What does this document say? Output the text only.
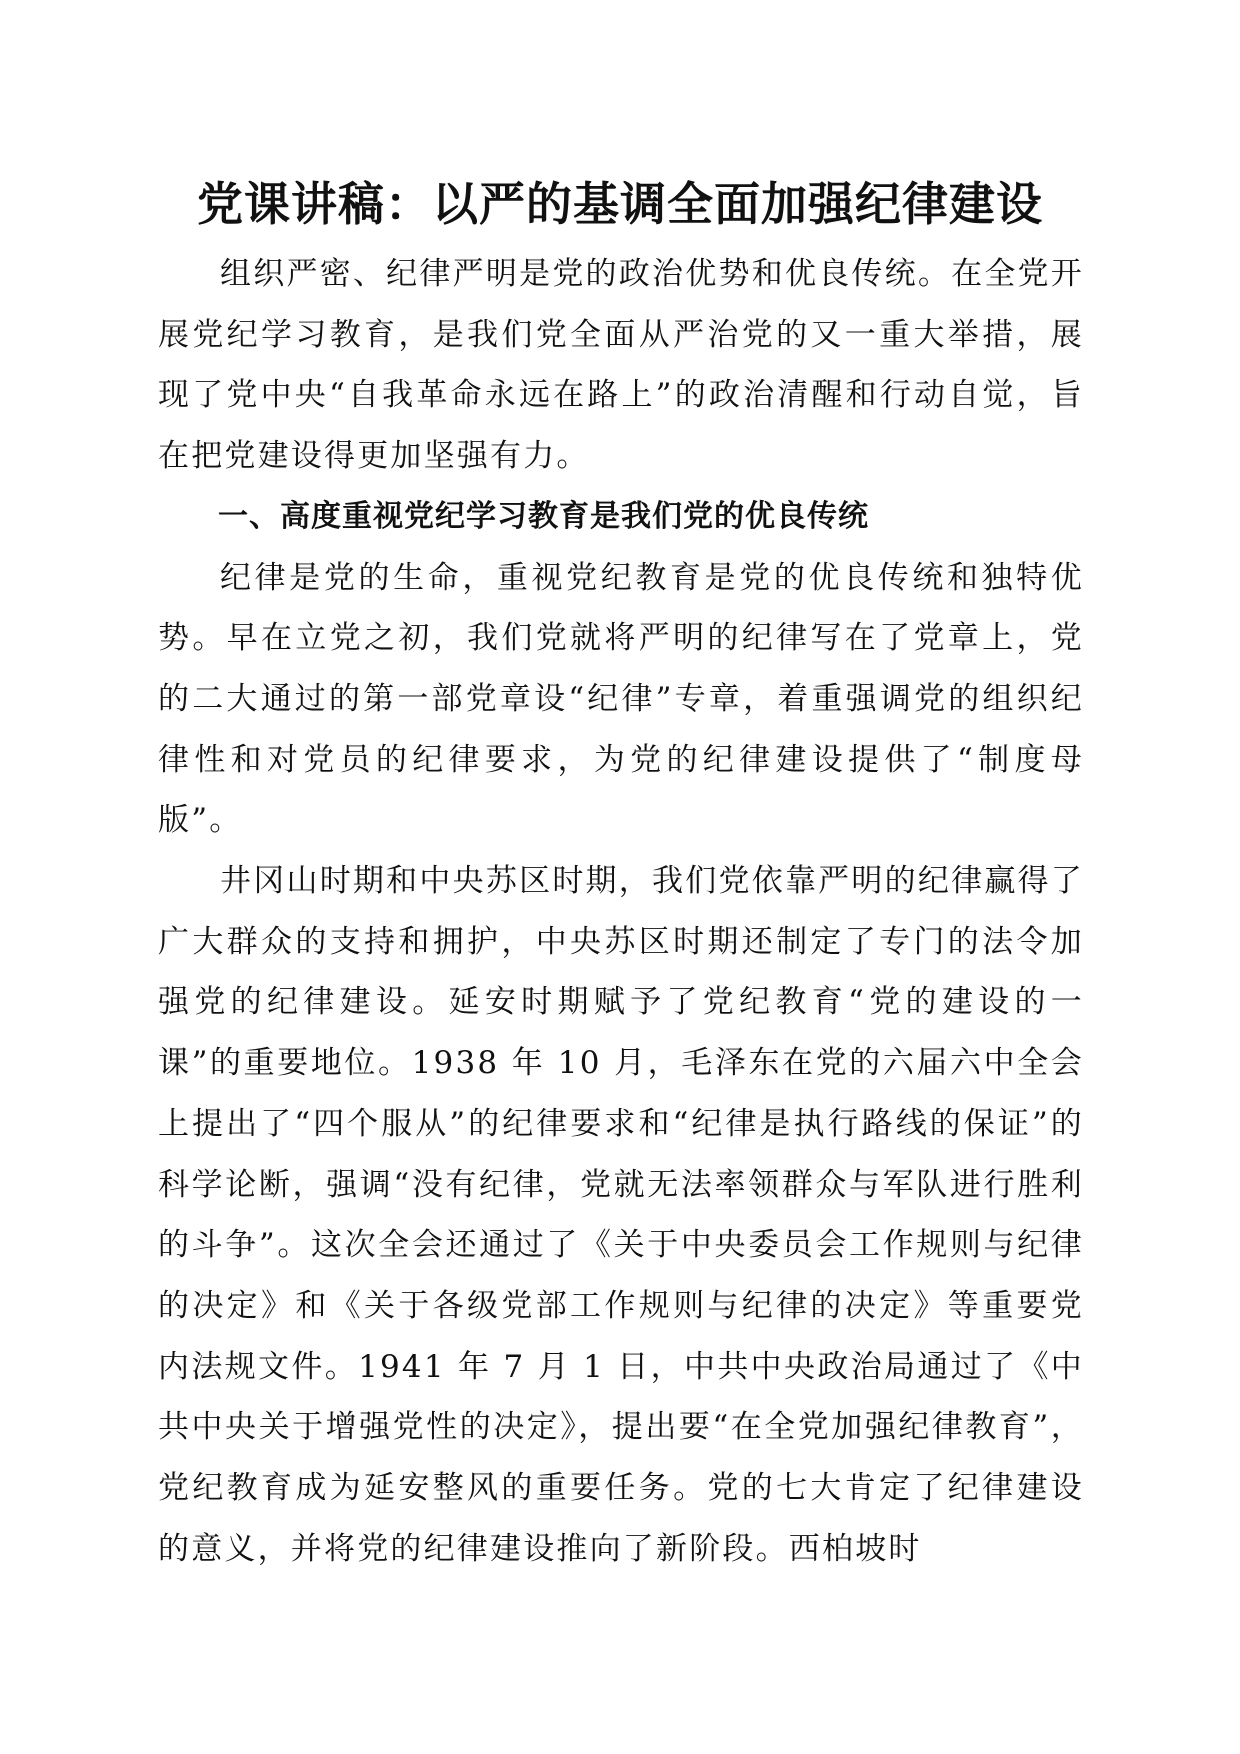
党课讲稿：以严的基调全面加强纪律建设

组织严密、纪律严明是党的政治优势和优良传统。在全党开展党纪学习教育，是我们党全面从严治党的又一重大举措，展现了党中央“自我革命永远在路上”的政治清醒和行动自觉，旨在把党建设得更加坚强有力。

一、高度重视党纪学习教育是我们党的优良传统

纪律是党的生命，重视党纪教育是党的优良传统和独特优势。早在立党之初，我们党就将严明的纪律写在了党章上，党的二大通过的第一部党章设“纪律”专章，着重强调党的组织纪律性和对党员的纪律要求，为党的纪律建设提供了“制度母版”。

井冈山时期和中央苏区时期，我们党依靠严明的纪律赢得了广大群众的支持和拥护，中央苏区时期还制定了专门的法令加强党的纪律建设。延安时期赋予了党纪教育“党的建设的一课”的重要地位。1938 年 10 月，毛泽东在党的六届六中全会上提出了“四个服从”的纪律要求和“纪律是执行路线的保证”的科学论断，强调“没有纪律，党就无法率领群众与军队进行胜利的斗争”。这次全会还通过了《关于中央委员会工作规则与纪律的决定》和《关于各级党部工作规则与纪律的决定》等重要党内法规文件。1941 年 7 月 1 日，中共中央政治局通过了《中共中央关于增强党性的决定》，提出要“在全党加强纪律教育”，党纪教育成为延安整风的重要任务。党的七大肯定了纪律建设的意义，并将党的纪律建设推向了新阶段。西柏坡时
